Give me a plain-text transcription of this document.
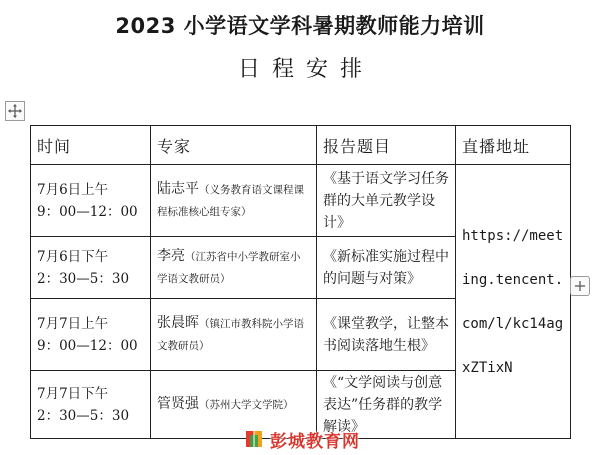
2023 小学语文学科暑期教师能力培训
日程安排
时间	专家	报告题目	直播地址

7月6日上午
9：00—12：00	陆志平（义务教育语文课程课程标准核心组专家）	《基于语文学习任务群的大单元教学设计》	https://meeting.tencent.com/l/kc14agxZTixN

7月6日下午
2：30—5：30	李亮（江苏省中小学教研室小学语文教研员）	《新标准实施过程中的问题与对策》	

7月7日上午
9：00—12：00	张晨晖（镇江市教科院小学语文教研员）	《课堂教学，让整本书阅读落地生根》	

7月7日下午
2：30—5：30	管贤强（苏州大学文学院）	《“文学阅读与创意表达”任务群的教学解读》	
彭城教育网
